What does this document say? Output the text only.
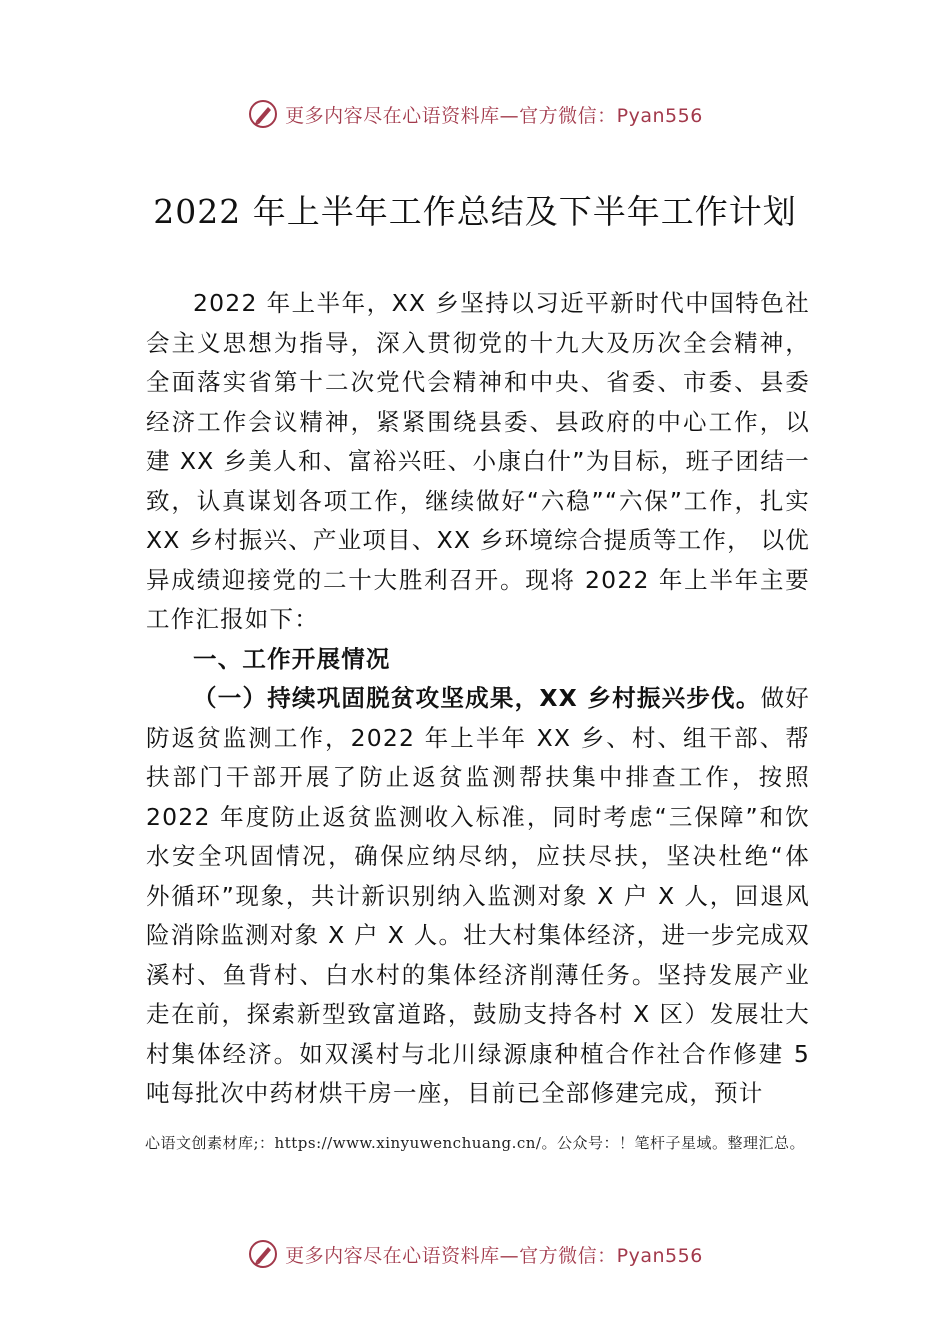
更多内容尽在心语资料库—官方微信：Pyan556
2022 年上半年工作总结及下半年工作计划

2022 年上半年，XX 乡坚持以习近平新时代中国特色社会主义思想为指导，深入贯彻党的十九大及历次全会精神， 全面落实省第十二次党代会精神和中央、省委、市委、县委经济工作会议精神，紧紧围绕县委、县政府的中心工作，以建 XX 乡美人和、富裕兴旺、小康白什”为目标，班子团结一致，认真谋划各项工作，继续做好“六稳”“六保”工作，扎实 XX 乡村振兴、产业项目、XX 乡环境综合提质等工作， 以优异成绩迎接党的二十大胜利召开。现将 2022 年上半年主要工作汇报如下：

一、工作开展情况

（一）持续巩固脱贫攻坚成果，XX 乡村振兴步伐。做好防返贫监测工作，2022 年上半年 XX 乡、村、组干部、帮扶部门干部开展了防止返贫监测帮扶集中排查工作，按照 2022 年度防止返贫监测收入标准，同时考虑“三保障”和饮水安全巩固情况，确保应纳尽纳，应扶尽扶，坚决杜绝“体 外循环”现象，共计新识别纳入监测对象 X 户 X 人，回退风险消除监测对象 X 户 X 人。壮大村集体经济，进一步完成双溪村、鱼背村、白水村的集体经济削薄任务。坚持发展产业走在前，探索新型致富道路，鼓励支持各村 X 区）发展壮大村集体经济。如双溪村与北川绿源康种植合作社合作修建 5 吨每批次中药材烘干房一座，目前已全部修建完成，预计

心语文创素材库;：https://www.xinyuwenchuang.cn/。公众号：！笔杆子星域。整理汇总。
更多内容尽在心语资料库—官方微信：Pyan556
